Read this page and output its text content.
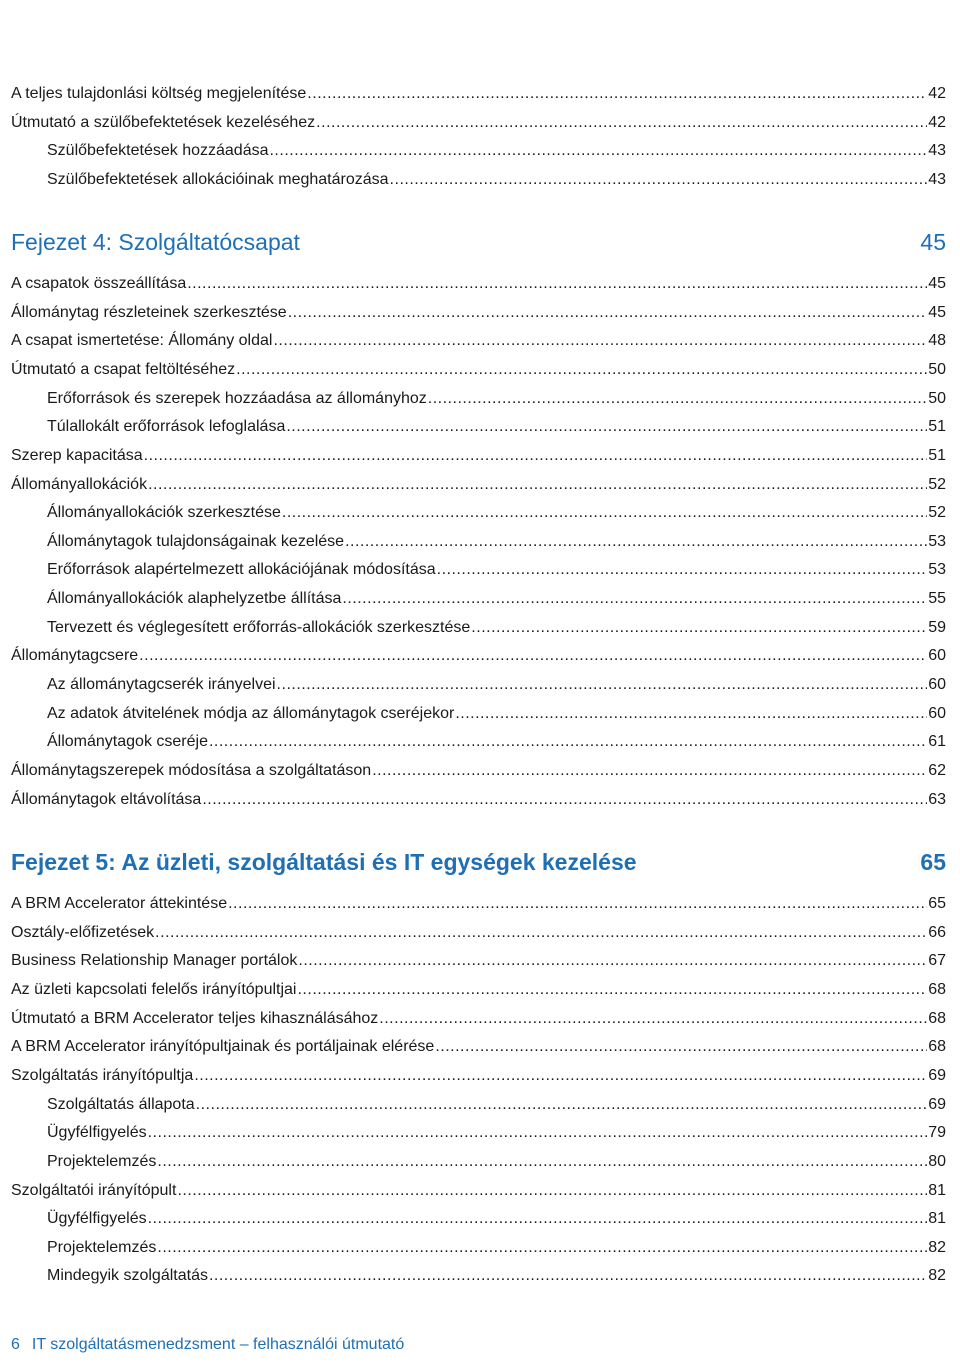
A teljes tulajdonlási költség megjelenítése .....	42
Útmutató a szülőbefektetések kezeléséhez .....	42
Szülőbefektetések hozzáadása .....	43
Szülőbefektetések allokációinak meghatározása .....	43
Fejezet 4: Szolgáltatócsapat	45
A csapatok összeállítása .....	45
Állománytag részleteinek szerkesztése .....	45
A csapat ismertetése: Állomány oldal .....	48
Útmutató a csapat feltöltéséhez .....	50
Erőforrások és szerepek hozzáadása az állományhoz .....	50
Túlallokált erőforrások lefoglalása .....	51
Szerep kapacitása .....	51
Állományallokációk .....	52
Állományallokációk szerkesztése .....	52
Állománytagok tulajdonságainak kezelése .....	53
Erőforrások alapértelmezett allokációjának módosítása .....	53
Állományallokációk alaphelyzetbe állítása .....	55
Tervezett és véglegesített erőforrás-allokációk szerkesztése .....	59
Állománytagcsere .....	60
Az állománytagcserék irányelvei .....	60
Az adatok átvitelének módja az állománytagok cseréjekor .....	60
Állománytagok cseréje .....	61
Állománytagszerepek módosítása a szolgáltatáson .....	62
Állománytagok eltávolítása .....	63
Fejezet 5: Az üzleti, szolgáltatási és IT egységek kezelése	65
A BRM Accelerator áttekintése .....	65
Osztály-előfizetések .....	66
Business Relationship Manager portálok .....	67
Az üzleti kapcsolati felelős irányítópultjai .....	68
Útmutató a BRM Accelerator teljes kihasználásához .....	68
A BRM Accelerator irányítópultjainak és portáljainak elérése .....	68
Szolgáltatás irányítópultja .....	69
Szolgáltatás állapota .....	69
Ügyfélfigyelés .....	79
Projektelemzés .....	80
Szolgáltatói irányítópult .....	81
Ügyfélfigyelés .....	81
Projektelemzés .....	82
Mindegyik szolgáltatás .....	82
6 IT szolgáltatásmenedzsment – felhasználói útmutató
